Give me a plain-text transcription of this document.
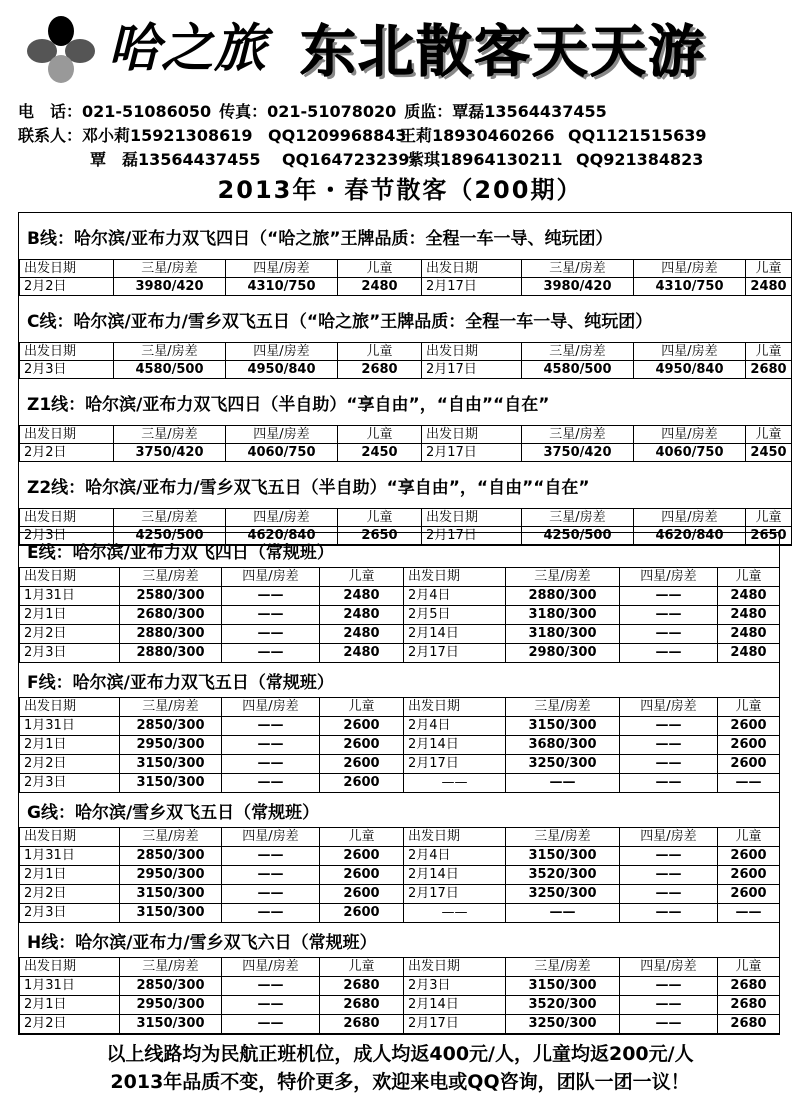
哈之旅 东北散客天天游
电　话：021-51086050 传真：021-51078020 质监：覃磊13564437455
联系人：邓小莉15921308619 QQ1209968843王莉18930460266 QQ1121515639
覃　磊13564437455 QQ164723239紫琪18964130211 QQ921384823
2013年・春节散客（200期）
B线：哈尔滨/亚布力双飞四日（“哈之旅”王牌品质：全程一车一导、纯玩团）
出发日期	三星/房差	四星/房差	儿童	出发日期	三星/房差	四星/房差	儿童
2月2日	3980/420	4310/750	2480	2月17日	3980/420	4310/750	2480
C线：哈尔滨/亚布力/雪乡双飞五日（“哈之旅”王牌品质：全程一车一导、纯玩团）
出发日期	三星/房差	四星/房差	儿童	出发日期	三星/房差	四星/房差	儿童
2月3日	4580/500	4950/840	2680	2月17日	4580/500	4950/840	2680
Z1线：哈尔滨/亚布力双飞四日（半自助）“享自由”，“自由”“自在”
出发日期	三星/房差	四星/房差	儿童	出发日期	三星/房差	四星/房差	儿童
2月2日	3750/420	4060/750	2450	2月17日	3750/420	4060/750	2450
Z2线：哈尔滨/亚布力/雪乡双飞五日（半自助）“享自由”，“自由”“自在”
出发日期	三星/房差	四星/房差	儿童	出发日期	三星/房差	四星/房差	儿童
2月3日	4250/500	4620/840	2650	2月17日	4250/500	4620/840	2650
E线：哈尔滨/亚布力双飞四日（常规班）
出发日期	三星/房差	四星/房差	儿童	出发日期	三星/房差	四星/房差	儿童
1月31日	2580/300	——	2480	2月4日	2880/300	——	2480
2月1日	2680/300	——	2480	2月5日	3180/300	——	2480
2月2日	2880/300	——	2480	2月14日	3180/300	——	2480
2月3日	2880/300	——	2480	2月17日	2980/300	——	2480
F线：哈尔滨/亚布力双飞五日（常规班）
出发日期	三星/房差	四星/房差	儿童	出发日期	三星/房差	四星/房差	儿童
1月31日	2850/300	——	2600	2月4日	3150/300	——	2600
2月1日	2950/300	——	2600	2月14日	3680/300	——	2600
2月2日	3150/300	——	2600	2月17日	3250/300	——	2600
2月3日	3150/300	——	2600	——	——	——	——
G线：哈尔滨/雪乡双飞五日（常规班）
出发日期	三星/房差	四星/房差	儿童	出发日期	三星/房差	四星/房差	儿童
1月31日	2850/300	——	2600	2月4日	3150/300	——	2600
2月1日	2950/300	——	2600	2月14日	3520/300	——	2600
2月2日	3150/300	——	2600	2月17日	3250/300	——	2600
2月3日	3150/300	——	2600	——	——	——	——
H线：哈尔滨/亚布力/雪乡双飞六日（常规班）
出发日期	三星/房差	四星/房差	儿童	出发日期	三星/房差	四星/房差	儿童
1月31日	2850/300	——	2680	2月3日	3150/300	——	2680
2月1日	2950/300	——	2680	2月14日	3520/300	——	2680
2月2日	3150/300	——	2680	2月17日	3250/300	——	2680
以上线路均为民航正班机位，成人均返400元/人，儿童均返200元/人
2013年品质不变，特价更多，欢迎来电或QQ咨询，团队一团一议！
